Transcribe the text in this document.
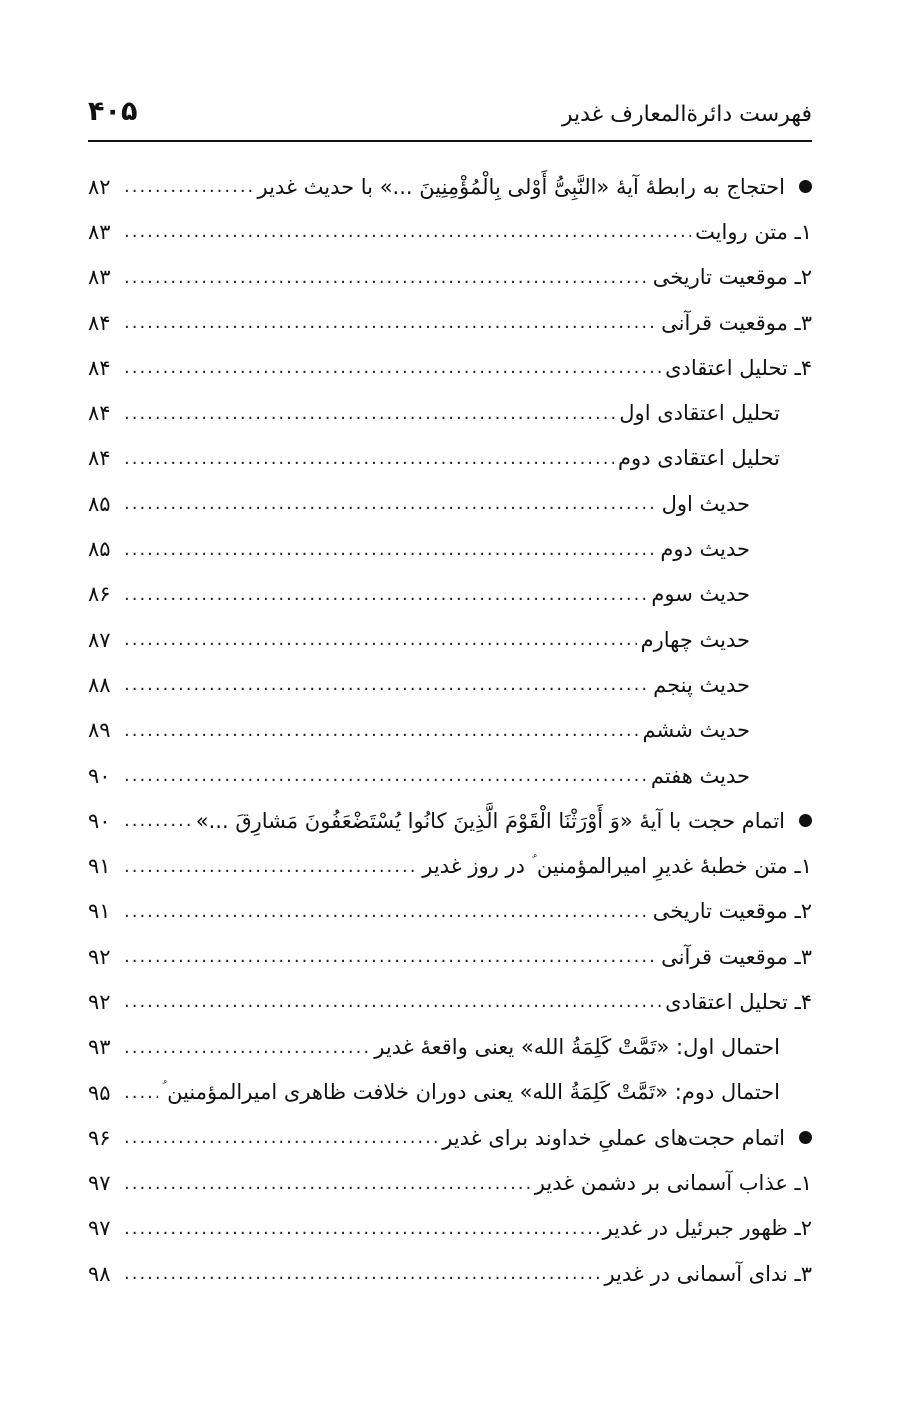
فهرست دائرةالمعارف غدیر
۴۰۵
احتجاج به رابطهٔ آیهٔ «النَّبِیُّ أَوْلی بِالْمُؤْمِنِینَ ...» با حدیث غدیر
.....
۸۲
۱ـ متن روایت
.....
۸۳
۲ـ موقعیت تاریخی
.....
۸۳
۳ـ موقعیت قرآنی
.....
۸۴
۴ـ تحلیل اعتقادی
.....
۸۴
تحلیل اعتقادی اول
.....
۸۴
تحلیل اعتقادی دوم
.....
۸۴
حدیث اول
.....
۸۵
حدیث دوم
.....
۸۵
حدیث سوم
.....
۸۶
حدیث چهارم
.....
۸۷
حدیث پنجم
.....
۸۸
حدیث ششم
.....
۸۹
حدیث هفتم
.....
۹۰
اتمام حجت با آیهٔ «وَ أَوْرَثْنَا الْقَوْمَ الَّذِینَ کانُوا یُسْتَضْعَفُونَ مَشارِقَ ...»
.....
۹۰
۱ـ متن خطبهٔ غدیرِ امیرالمؤمنین ؑ در روز غدیر
.....
۹۱
۲ـ موقعیت تاریخی
.....
۹۱
۳ـ موقعیت قرآنی
.....
۹۲
۴ـ تحلیل اعتقادی
.....
۹۲
احتمال اول: «تَمَّتْ کَلِمَةُ الله» یعنی واقعهٔ غدیر
.....
۹۳
احتمال دوم: «تَمَّتْ کَلِمَةُ الله» یعنی دوران خلافت ظاهری امیرالمؤمنین ؑ
.....
۹۵
اتمام حجت‌های عملیِ خداوند برای غدیر
.....
۹۶
۱ـ عذاب آسمانی بر دشمن غدیر
.....
۹۷
۲ـ ظهور جبرئیل در غدیر
.....
۹۷
۳ـ ندای آسمانی در غدیر
.....
۹۸
